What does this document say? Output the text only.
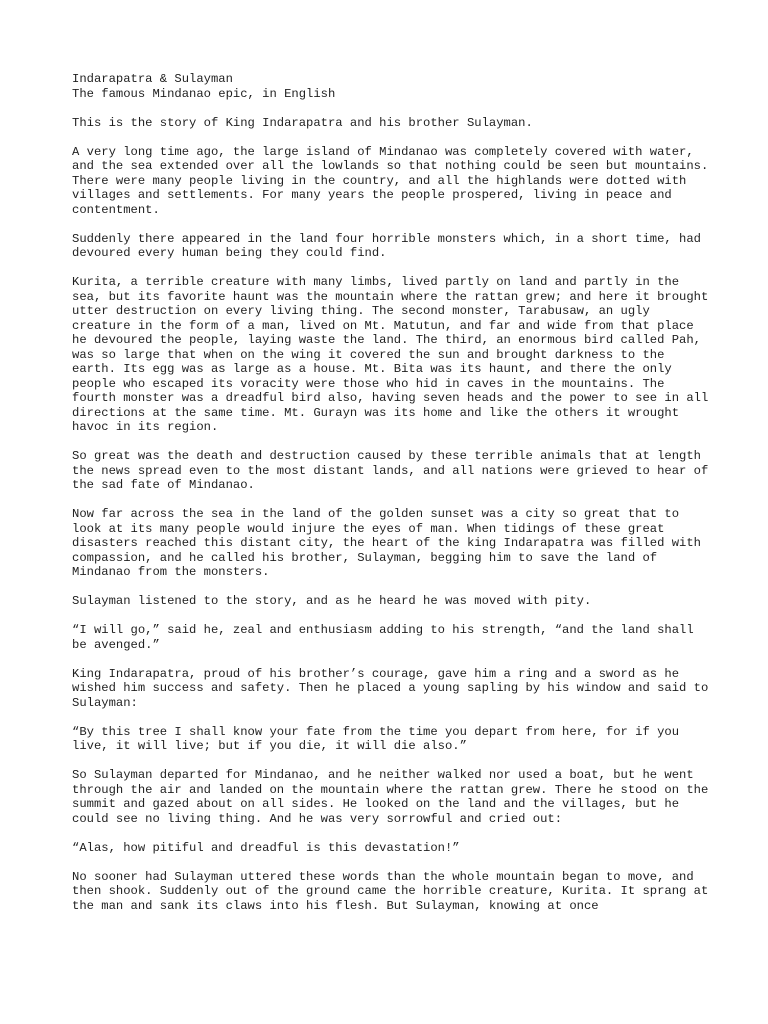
Indarapatra & Sulayman
The famous Mindanao epic, in English

This is the story of King Indarapatra and his brother Sulayman.

A very long time ago, the large island of Mindanao was completely covered with water, and the sea extended over all the lowlands so that nothing could be seen but mountains. There were many people living in the country, and all the highlands were dotted with villages and settlements. For many years the people prospered, living in peace and contentment.

Suddenly there appeared in the land four horrible monsters which, in a short time, had devoured every human being they could find.

Kurita, a terrible creature with many limbs, lived partly on land and partly in the sea, but its favorite haunt was the mountain where the rattan grew; and here it brought utter destruction on every living thing. The second monster, Tarabusaw, an ugly creature in the form of a man, lived on Mt. Matutun, and far and wide from that place he devoured the people, laying waste the land. The third, an enormous bird called Pah, was so large that when on the wing it covered the sun and brought darkness to the earth. Its egg was as large as a house. Mt. Bita was its haunt, and there the only people who escaped its voracity were those who hid in caves in the mountains. The fourth monster was a dreadful bird also, having seven heads and the power to see in all directions at the same time. Mt. Gurayn was its home and like the others it wrought havoc in its region.

So great was the death and destruction caused by these terrible animals that at length the news spread even to the most distant lands, and all nations were grieved to hear of the sad fate of Mindanao.

Now far across the sea in the land of the golden sunset was a city so great that to look at its many people would injure the eyes of man. When tidings of these great disasters reached this distant city, the heart of the king Indarapatra was filled with compassion, and he called his brother, Sulayman, begging him to save the land of Mindanao from the monsters.

Sulayman listened to the story, and as he heard he was moved with pity.

“I will go,” said he, zeal and enthusiasm adding to his strength, “and the land shall be avenged.”

King Indarapatra, proud of his brother’s courage, gave him a ring and a sword as he wished him success and safety. Then he placed a young sapling by his window and said to Sulayman:

“By this tree I shall know your fate from the time you depart from here, for if you live, it will live; but if you die, it will die also.”

So Sulayman departed for Mindanao, and he neither walked nor used a boat, but he went through the air and landed on the mountain where the rattan grew. There he stood on the summit and gazed about on all sides. He looked on the land and the villages, but he could see no living thing. And he was very sorrowful and cried out:

“Alas, how pitiful and dreadful is this devastation!”

No sooner had Sulayman uttered these words than the whole mountain began to move, and then shook. Suddenly out of the ground came the horrible creature, Kurita. It sprang at the man and sank its claws into his flesh. But Sulayman, knowing at once
